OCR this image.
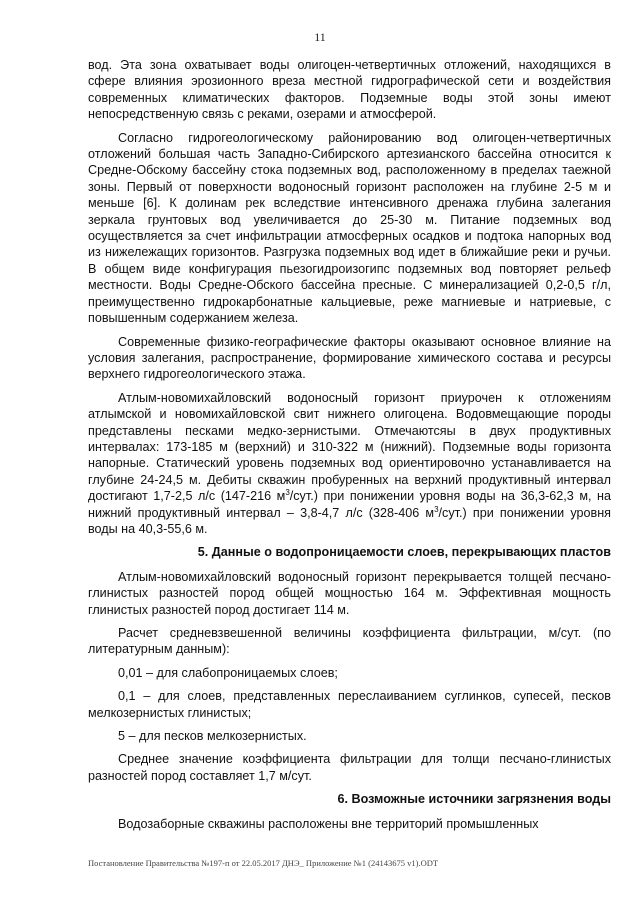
11

вод. Эта зона охватывает воды олигоцен-четвертичных отложений, находящихся в сфере влияния эрозионного вреза местной гидрографической сети и воздействия современных климатических факторов. Подземные воды этой зоны имеют непосредственную связь с реками, озерами и атмосферой.

Согласно гидрогеологическому районированию вод олигоцен-четвертичных отложений большая часть Западно-Сибирского артезианского бассейна относится к Средне-Обскому бассейну стока подземных вод, расположенному в пределах таежной зоны. Первый от поверхности водоносный горизонт расположен на глубине 2-5 м и меньше [6]. К долинам рек вследствие интенсивного дренажа глубина залегания зеркала грунтовых вод увеличивается до 25-30 м. Питание подземных вод осуществляется за счет инфильтрации атмосферных осадков и подтока напорных вод из нижележащих горизонтов. Разгрузка подземных вод идет в ближайшие реки и ручьи. В общем виде конфигурация пьезогидроизогипс подземных вод повторяет рельеф местности. Воды Средне-Обского бассейна пресные. С минерализацией 0,2-0,5 г/л, преимущественно гидрокарбонатные кальциевые, реже магниевые и натриевые, с повышенным содержанием железа.

Современные физико-географические факторы оказывают основное влияние на условия залегания, распространение, формирование химического состава и ресурсы верхнего гидрогеологического этажа.

Атлым-новомихайловский водоносный горизонт приурочен к отложениям атлымской и новомихайловской свит нижнего олигоцена. Водовмещающие породы представлены песками медко-зернистыми. Отмечаютсяы в двух продуктивных интервалах: 173-185 м (верхний) и 310-322 м (нижний). Подземные воды горизонта напорные. Статический уровень подземных вод ориентировочно устанавливается на глубине 24-24,5 м. Дебиты скважин пробуренных на верхний продуктивный интервал достигают 1,7-2,5 л/с (147-216 $м^3/сут$.) при понижении уровня воды на 36,3-62,3 м, на нижний продуктивный интервал – 3,8-4,7 л/с (328-406 $м^3/сут$.) при понижении уровня воды на 40,3-55,6 м.

5. Данные о водопроницаемости слоев, перекрывающих пластов

Атлым-новомихайловский водоносный горизонт перекрывается толщей песчано-глинистых разностей пород общей мощностью 164 м. Эффективная мощность глинистых разностей пород достигает 114 м.

Расчет средневзвешенной величины коэффициента фильтрации, м/сут. (по литературным данным):

0,01 – для слабопроницаемых слоев;

0,1 – для слоев, представленных переслаиванием суглинков, супесей, песков мелкозернистых глинистых;

5 – для песков мелкозернистых.

Среднее значение коэффициента фильтрации для толщи песчано-глинистых разностей пород составляет 1,7 м/сут.

6. Возможные источники загрязнения воды

Водозаборные скважины расположены вне территорий промышленных

Постановление Правительства №197-п от 22.05.2017 ДНЭ_ Приложение №1 (24143675 v1).ODT
